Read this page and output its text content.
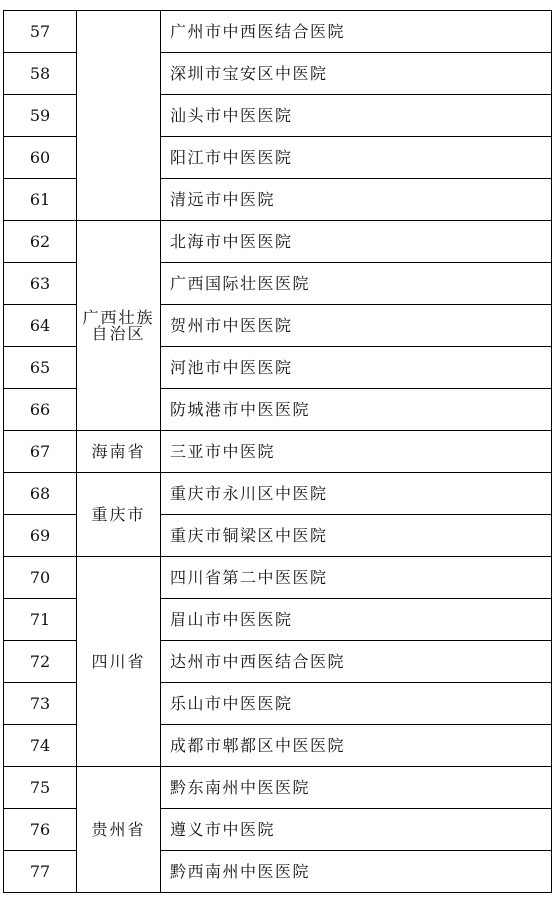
57		广州市中西医结合医院
58		深圳市宝安区中医院
59		汕头市中医医院
60		阳江市中医医院
61		清远市中医院
62	广西壮族自治区	北海市中医医院
63		广西国际壮医医院
64		贺州市中医医院
65		河池市中医医院
66		防城港市中医医院
67	海南省	三亚市中医院
68	重庆市	重庆市永川区中医院
69		重庆市铜梁区中医院
70	四川省	四川省第二中医医院
71		眉山市中医医院
72		达州市中西医结合医院
73		乐山市中医医院
74		成都市郫都区中医医院
75	贵州省	黔东南州中医医院
76		遵义市中医院
77		黔西南州中医医院
